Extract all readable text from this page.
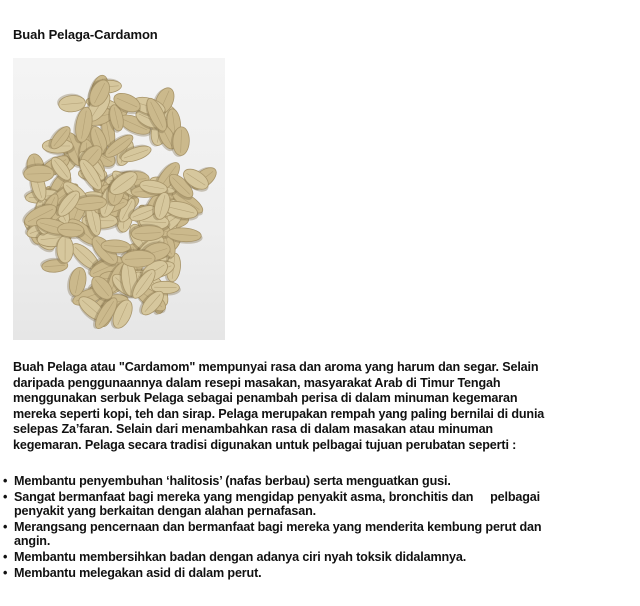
Buah Pelaga-Cardamon
Buah Pelaga atau "Cardamom" mempunyai rasa dan aroma yang harum dan segar. Selain
daripada penggunaannya dalam resepi masakan, masyarakat Arab di Timur Tengah
menggunakan serbuk Pelaga sebagai penambah perisa di dalam minuman kegemaran
mereka seperti kopi, teh dan sirap. Pelaga merupakan rempah yang paling bernilai di dunia
selepas Za’faran. Selain dari menambahkan rasa di dalam masakan atau minuman
kegemaran. Pelaga secara tradisi digunakan untuk pelbagai tujuan perubatan seperti :
• Membantu penyembuhan ‘halitosis’ (nafas berbau) serta menguatkan gusi.
• Sangat bermanfaat bagi mereka yang mengidap penyakit asma, bronchitis dan     pelbagai
penyakit yang berkaitan dengan alahan pernafasan.
• Merangsang pencernaan dan bermanfaat bagi mereka yang menderita kembung perut dan
angin.
• Membantu membersihkan badan dengan adanya ciri nyah toksik didalamnya.
• Membantu melegakan asid di dalam perut.
